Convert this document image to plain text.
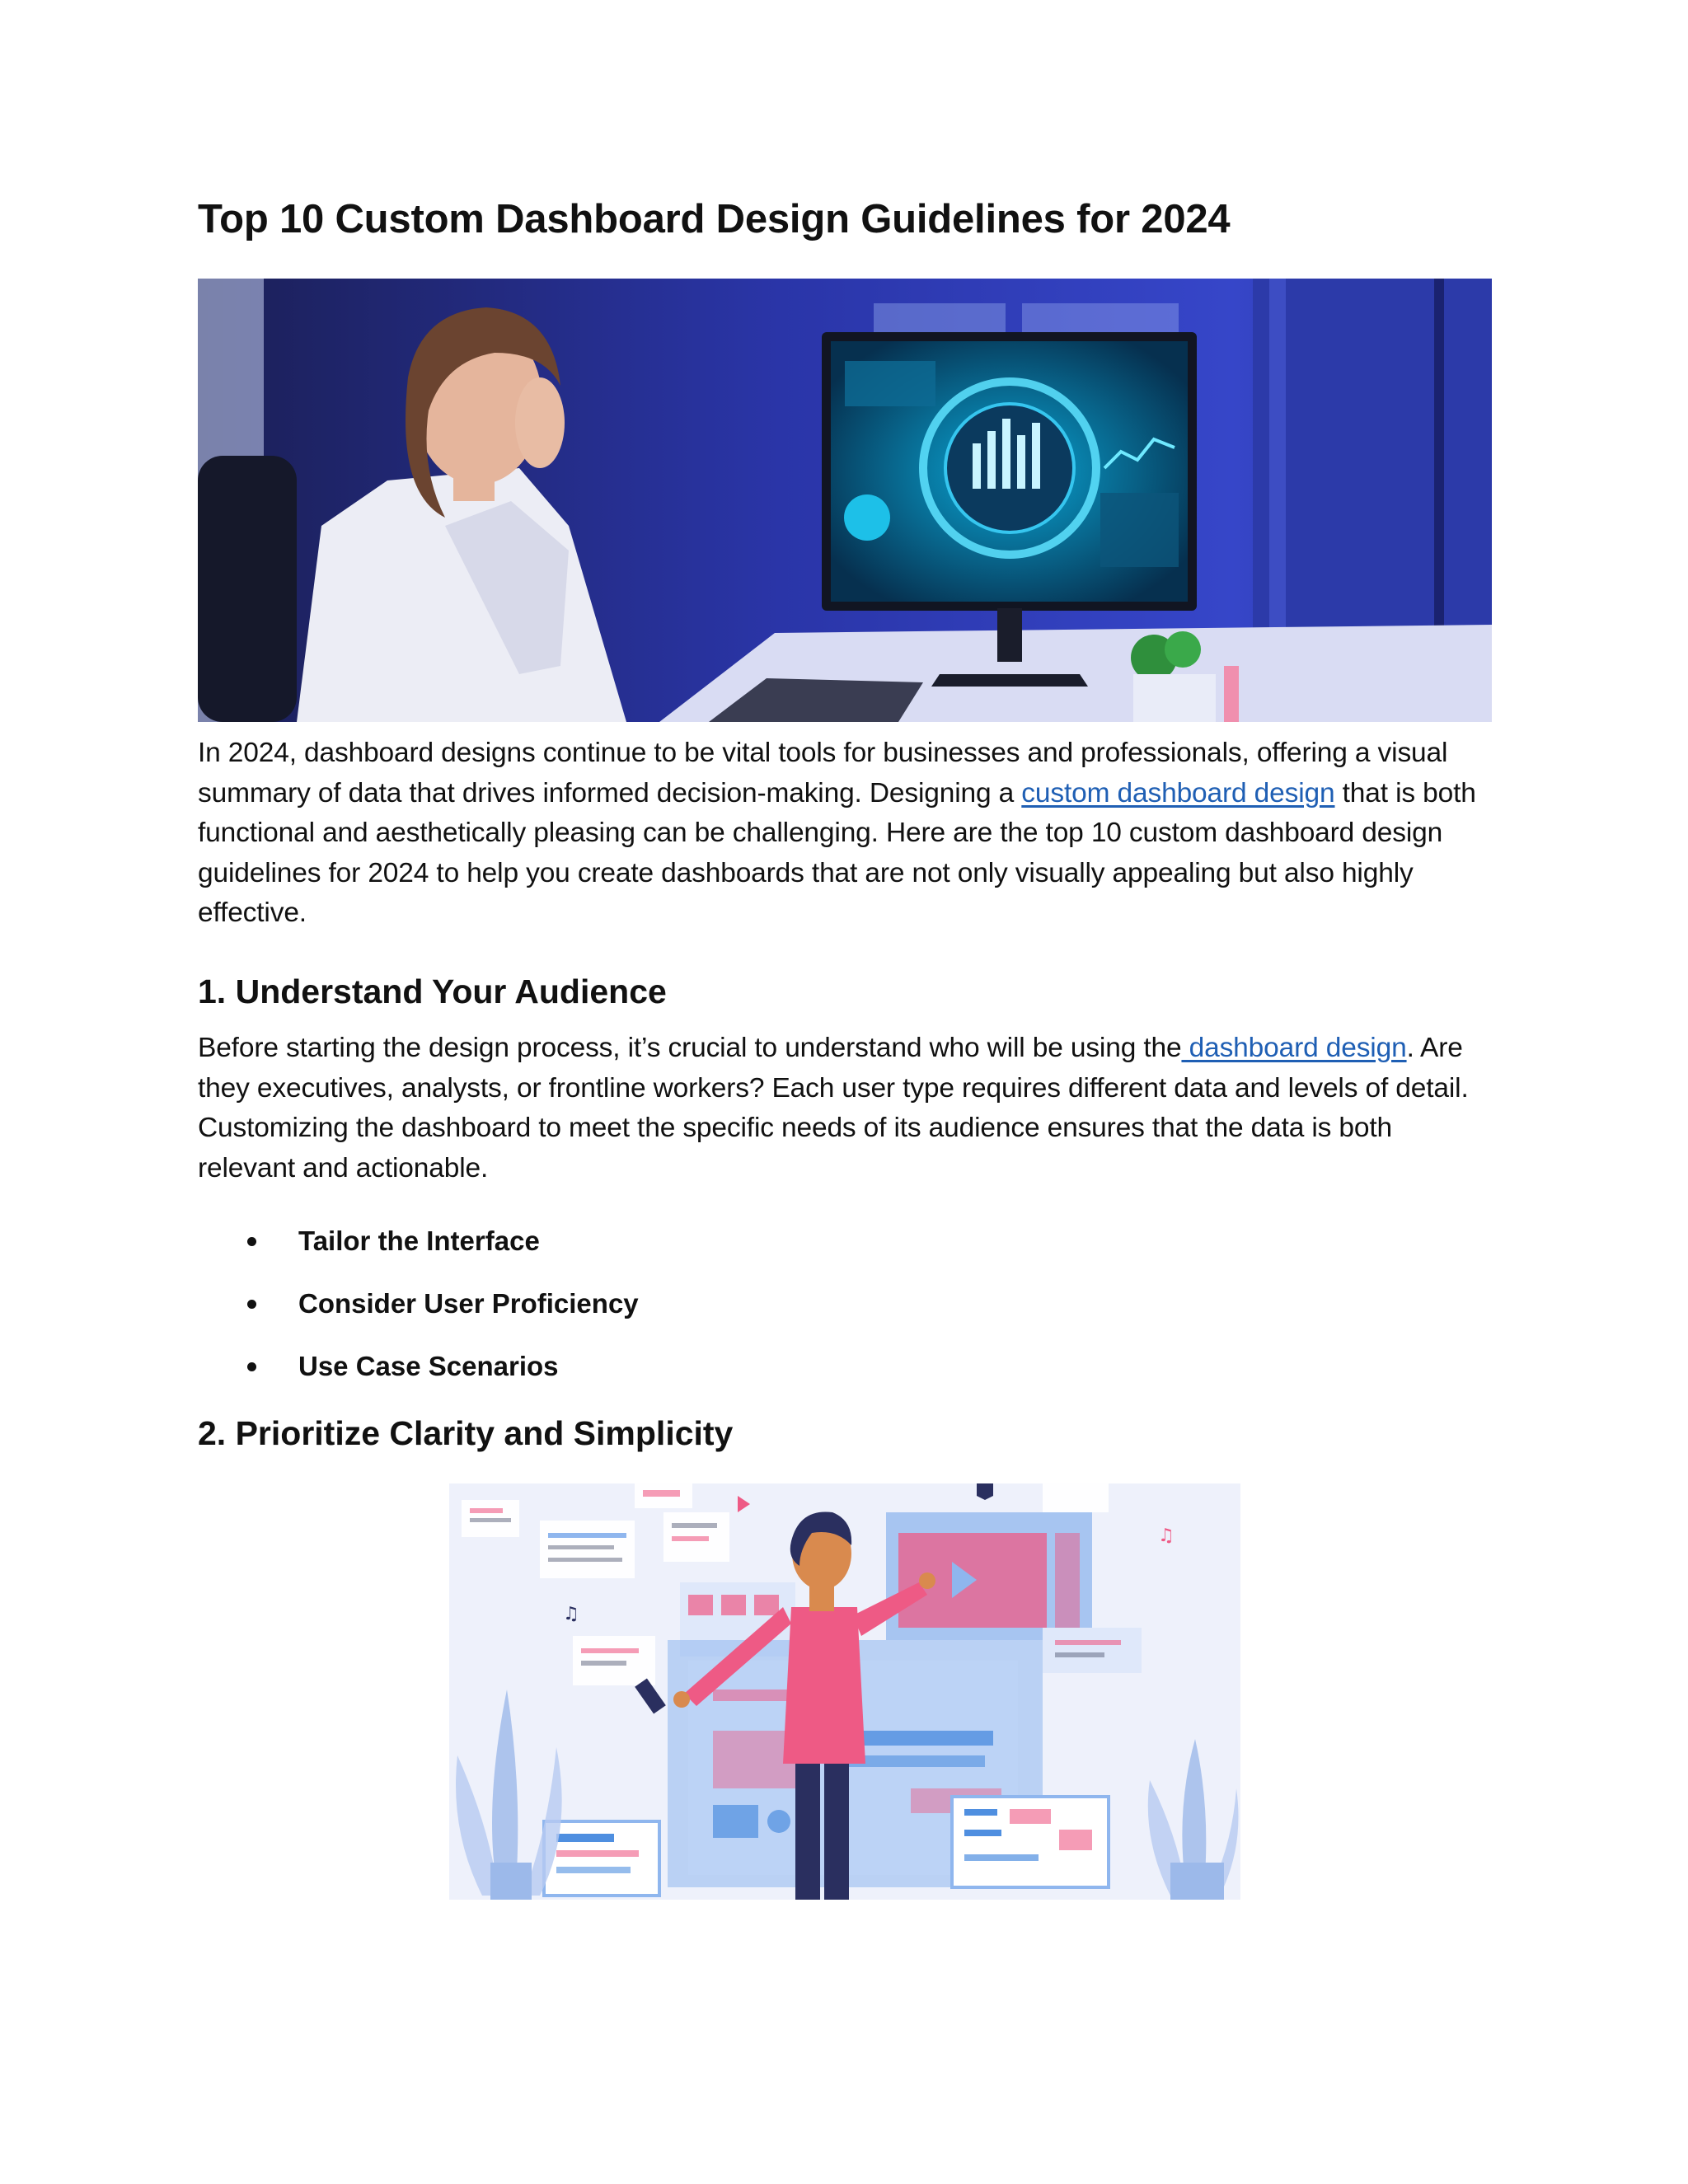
Top 10 Custom Dashboard Design Guidelines for 2024

In 2024, dashboard designs continue to be vital tools for businesses and professionals, offering a visual summary of data that drives informed decision-making. Designing a custom dashboard design that is both functional and aesthetically pleasing can be challenging. Here are the top 10 custom dashboard design guidelines for 2024 to help you create dashboards that are not only visually appealing but also highly effective.

1. Understand Your Audience

Before starting the design process, it’s crucial to understand who will be using the dashboard design. Are they executives, analysts, or frontline workers? Each user type requires different data and levels of detail. Customizing the dashboard to meet the specific needs of its audience ensures that the data is both relevant and actionable.

Tailor the Interface
Consider User Proficiency
Use Case Scenarios
2. Prioritize Clarity and Simplicity
♫
♫
